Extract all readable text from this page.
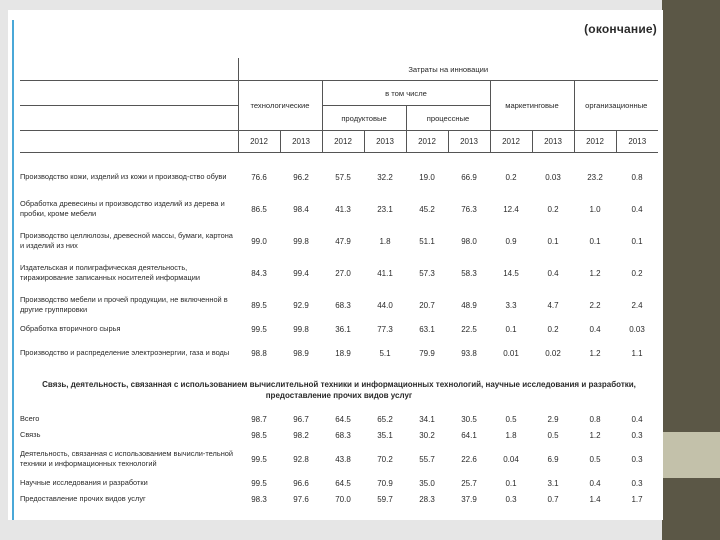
(окончание)
	Затраты на инновации									
	технологические		в том числе				маркетинговые		организационные	
			продуктовые		процессные					
	2012	2013	2012	2013	2012	2013	2012	2013	2012	2013
Производство кожи, изделий из кожи и производ-ство обуви	76.6	96.2	57.5	32.2	19.0	66.9	0.2	0.03	23.2	0.8
Обработка древесины и производство изделий из дерева и пробки, кроме мебели	86.5	98.4	41.3	23.1	45.2	76.3	12.4	0.2	1.0	0.4
Производство целлюлозы, древесной массы, бумаги, картона и изделий из них	99.0	99.8	47.9	1.8	51.1	98.0	0.9	0.1	0.1	0.1
Издательская и полиграфическая деятельность, тиражирование записанных носителей информации	84.3	99.4	27.0	41.1	57.3	58.3	14.5	0.4	1.2	0.2
Производство мебели и прочей продукции, не включенной в другие группировки	89.5	92.9	68.3	44.0	20.7	48.9	3.3	4.7	2.2	2.4
Обработка вторичного сырья	99.5	99.8	36.1	77.3	63.1	22.5	0.1	0.2	0.4	0.03
Производство и распределение электроэнергии, газа и воды	98.8	98.9	18.9	5.1	79.9	93.8	0.01	0.02	1.2	1.1
Связь, деятельность, связанная с использованием вычислительной техники и информационных технологий, научные исследования и разработки, предоставление прочих видов услуг										
Всего	98.7	96.7	64.5	65.2	34.1	30.5	0.5	2.9	0.8	0.4
Связь	98.5	98.2	68.3	35.1	30.2	64.1	1.8	0.5	1.2	0.3
Деятельность, связанная с использованием вычисли-тельной техники и информационных технологий	99.5	92.8	43.8	70.2	55.7	22.6	0.04	6.9	0.5	0.3
Научные исследования и разработки	99.5	96.6	64.5	70.9	35.0	25.7	0.1	3.1	0.4	0.3
Предоставление прочих видов услуг	98.3	97.6	70.0	59.7	28.3	37.9	0.3	0.7	1.4	1.7
